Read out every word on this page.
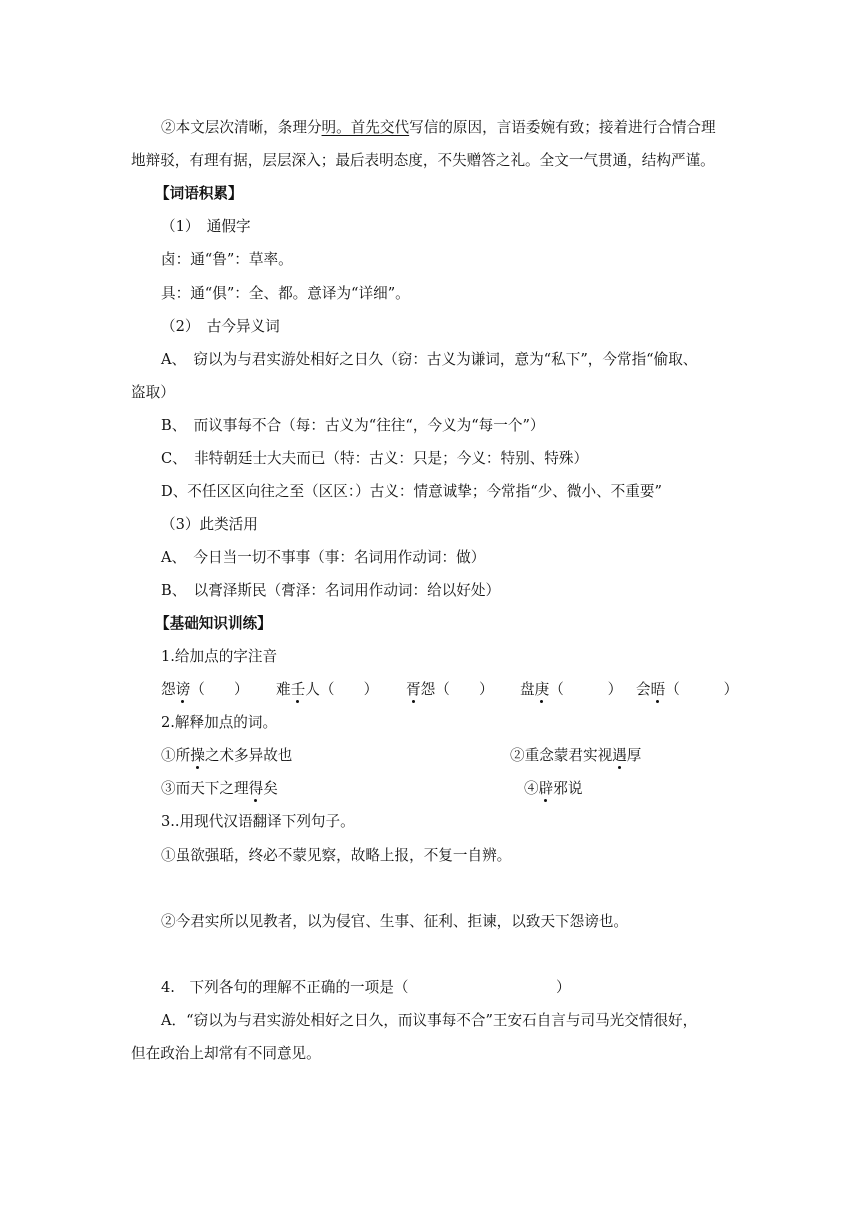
②本文层次清晰，条理分明。首先交代写信的原因，言语委婉有致；接着进行合情合理
地辩驳，有理有据，层层深入；最后表明态度，不失赠答之礼。全文一气贯通，结构严谨。
【词语积累】
（1）　通假字
卤：通“鲁”：草率。
具：通“俱”：全、都。意译为“详细”。
（2）　古今异义词
A、　窃以为与君实游处相好之日久（窃：古义为谦词，意为“私下”，今常指“偷取、
盗取）
B、　而议事每不合（每：古义为“往往“，今义为“每一个”）
C、　非特朝廷士大夫而已（特：古义：只是；今义：特别、特殊）
D、不任区区向往之至（区区：）古义：情意诚挚；今常指“少、微小、不重要”
（3）此类活用
A、　今日当一切不事事（事：名词用作动词：做）
B、　以膏泽斯民（膏泽：名词用作动词：给以好处）
【基础知识训练】
1.给加点的字注音
怨谤（　　） 难壬人（　　） 胥怨（　　） 盘庚（　　　） 会晤（　　　）
2.解释加点的词。
①所操之术多异故也	②重念蒙君实视遇厚
③而天下之理得矣	④辟邪说
3..用现代汉语翻译下列句子。
①虽欲强聒，终必不蒙见察，故略上报，不复一自辨。
②今君实所以见教者，以为侵官、生事、征利、拒谏，以致天下怨谤也。
4.　下列各句的理解不正确的一项是（	）
A．“窃以为与君实游处相好之日久，而议事每不合”王安石自言与司马光交情很好，
但在政治上却常有不同意见。
